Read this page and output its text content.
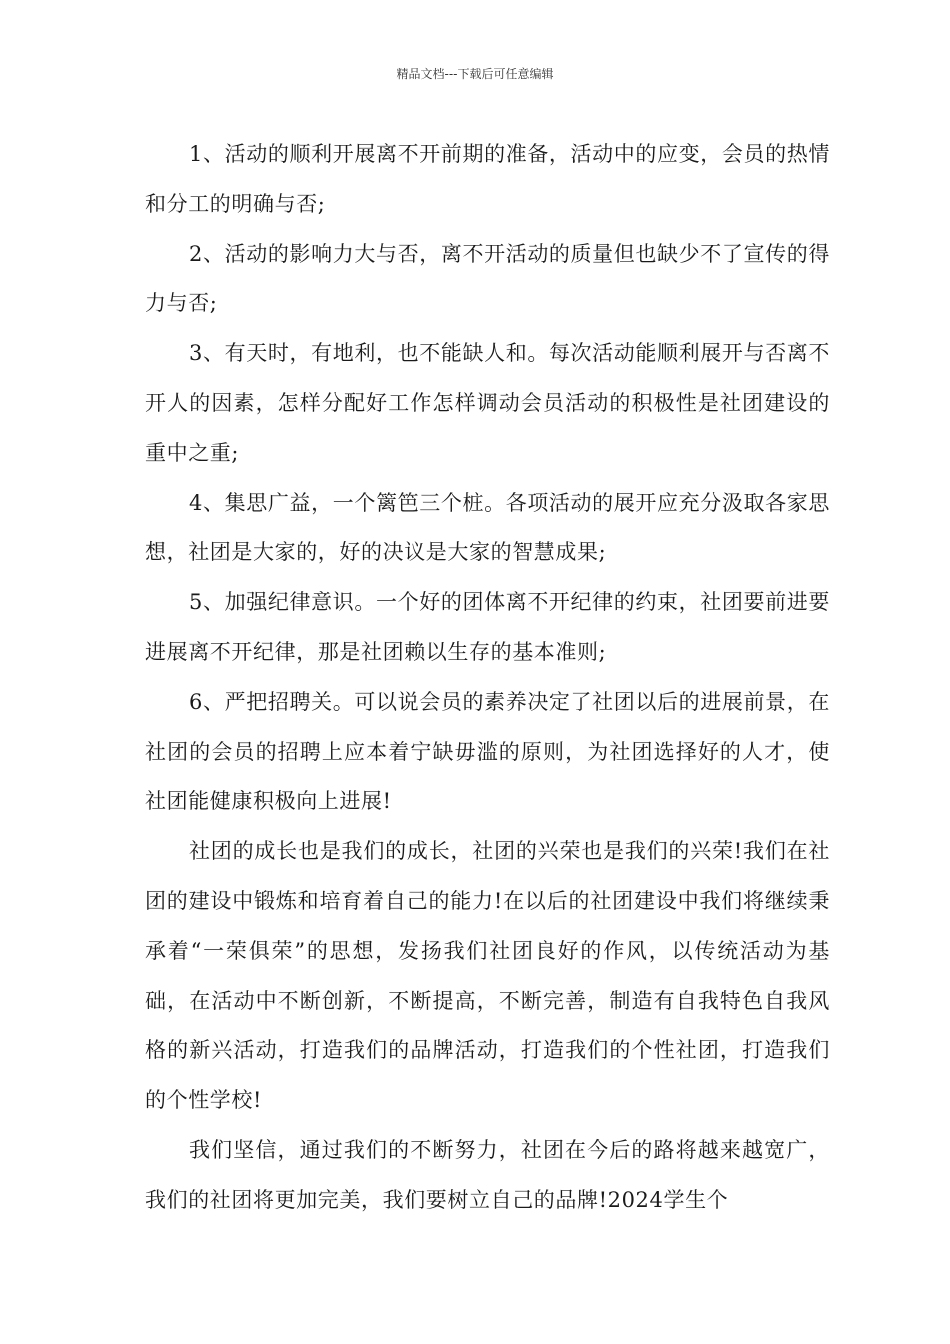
精品文档---下载后可任意编辑

1、活动的顺利开展离不开前期的准备，活动中的应变，会员的热情和分工的明确与否;

2、活动的影响力大与否，离不开活动的质量但也缺少不了宣传的得力与否;

3、有天时，有地利，也不能缺人和。每次活动能顺利展开与否离不开人的因素，怎样分配好工作怎样调动会员活动的积极性是社团建设的重中之重;

4、集思广益，一个篱笆三个桩。各项活动的展开应充分汲取各家思想，社团是大家的，好的决议是大家的智慧成果;

5、加强纪律意识。一个好的团体离不开纪律的约束，社团要前进要进展离不开纪律，那是社团赖以生存的基本准则;

6、严把招聘关。可以说会员的素养决定了社团以后的进展前景，在社团的会员的招聘上应本着宁缺毋滥的原则，为社团选择好的人才，使社团能健康积极向上进展!

社团的成长也是我们的成长，社团的兴荣也是我们的兴荣!我们在社团的建设中锻炼和培育着自己的能力!在以后的社团建设中我们将继续秉承着“一荣俱荣”的思想，发扬我们社团良好的作风，以传统活动为基础，在活动中不断创新，不断提高，不断完善，制造有自我特色自我风格的新兴活动，打造我们的品牌活动，打造我们的个性社团，打造我们的个性学校!

我们坚信，通过我们的不断努力，社团在今后的路将越来越宽广，我们的社团将更加完美，我们要树立自己的品牌!2024学生个
